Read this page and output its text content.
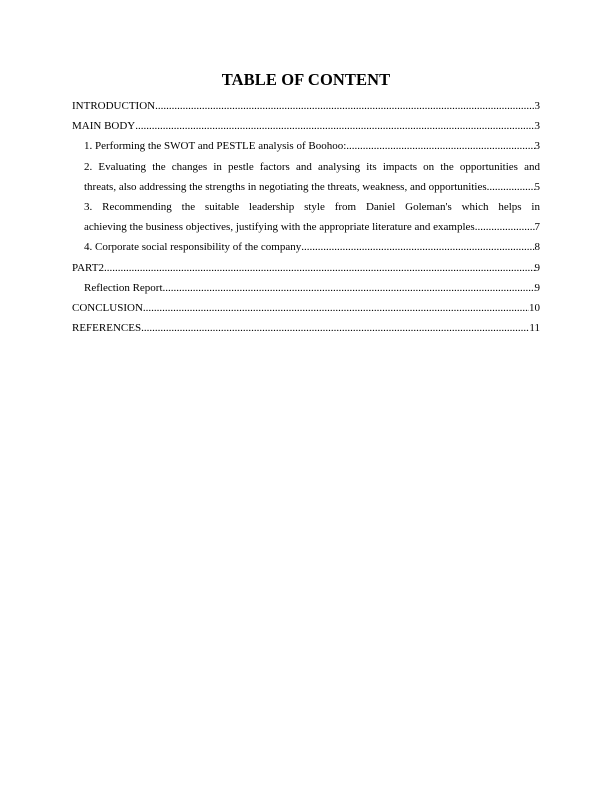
TABLE OF CONTENT
INTRODUCTION .....	3
MAIN BODY .....	3
1. Performing the SWOT and PESTLE analysis of Boohoo: .....	3
2. Evaluating the changes in pestle factors and analysing its impacts on the opportunities and
threats, also addressing the strengths in negotiating the threats, weakness, and opportunities. .....	5
3. Recommending the suitable leadership style from Daniel Goleman's which helps in
achieving the business objectives, justifying with the appropriate literature and examples. .....	7
4. Corporate social responsibility of the company .....	8
PART2 .....	9
Reflection Report .....	9
CONCLUSION .....	10
REFERENCES .....	11
